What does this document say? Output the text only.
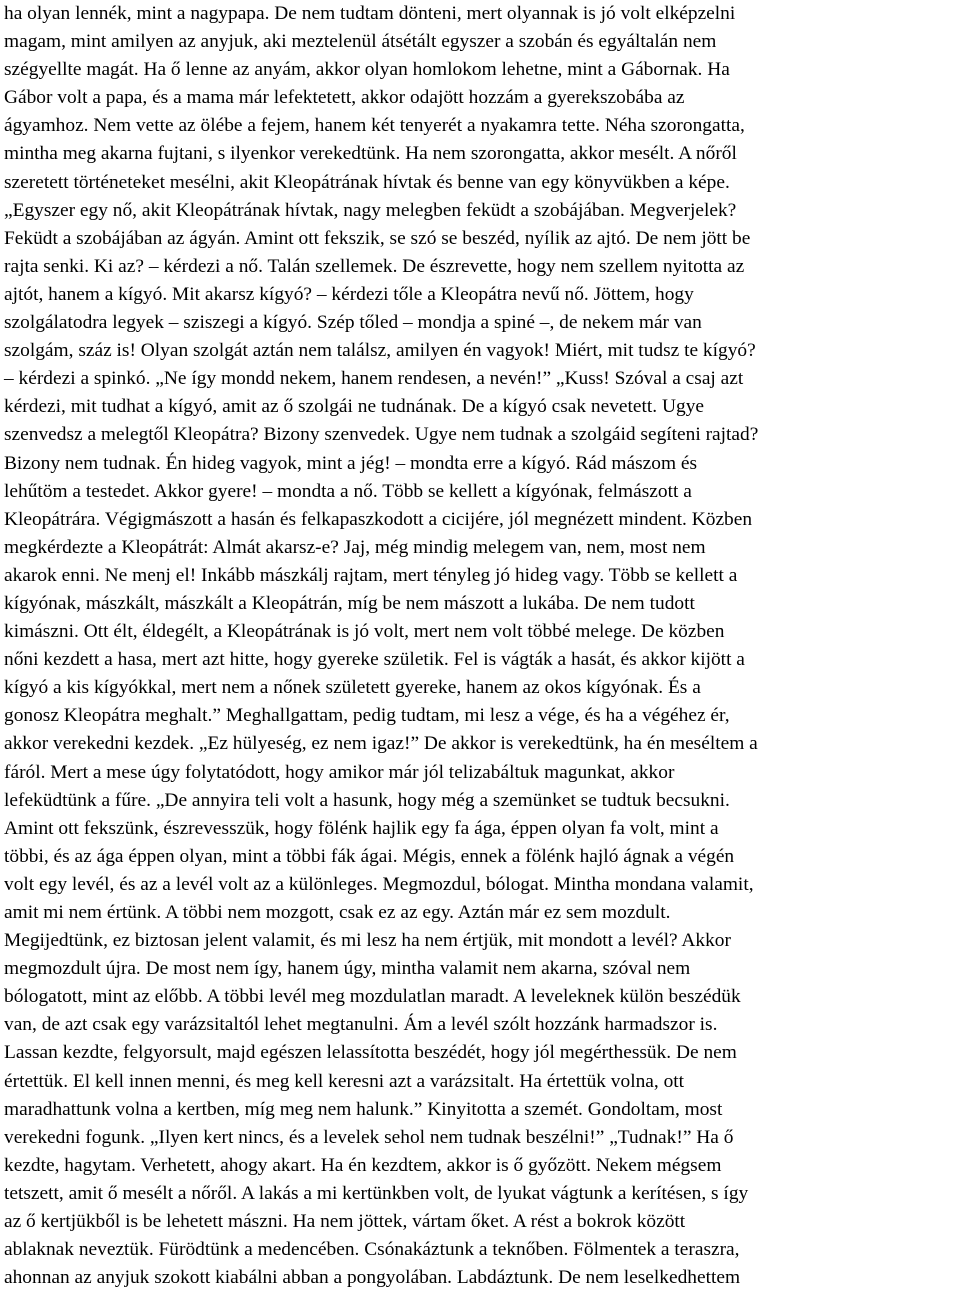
ha olyan lennék, mint a nagypapa. De nem tudtam dönteni, mert olyannak is jó volt elképzelni
magam, mint amilyen az anyjuk, aki meztelenül átsétált egyszer a szobán és egyáltalán nem
szégyellte magát. Ha ő lenne az anyám, akkor olyan homlokom lehetne, mint a Gábornak. Ha
Gábor volt a papa, és a mama már lefektetett, akkor odajött hozzám a gyerekszobába az
ágyamhoz. Nem vette az ölébe a fejem, hanem két tenyerét a nyakamra tette. Néha szorongatta,
mintha meg akarna fujtani, s ilyenkor verekedtünk. Ha nem szorongatta, akkor mesélt. A nőről
szeretett történeteket mesélni, akit Kleopátrának hívtak és benne van egy könyvükben a képe.
„Egyszer egy nő, akit Kleopátrának hívtak, nagy melegben feküdt a szobájában. Megverjelek?
Feküdt a szobájában az ágyán. Amint ott fekszik, se szó se beszéd, nyílik az ajtó. De nem jött be
rajta senki. Ki az? – kérdezi a nő. Talán szellemek. De észrevette, hogy nem szellem nyitotta az
ajtót, hanem a kígyó. Mit akarsz kígyó? – kérdezi tőle a Kleopátra nevű nő. Jöttem, hogy
szolgálatodra legyek – sziszegi a kígyó. Szép tőled – mondja a spiné –, de nekem már van
szolgám, száz is! Olyan szolgát aztán nem találsz, amilyen én vagyok! Miért, mit tudsz te kígyó?
– kérdezi a spinkó. „Ne így mondd nekem, hanem rendesen, a nevén!” „Kuss! Szóval a csaj azt
kérdezi, mit tudhat a kígyó, amit az ő szolgái ne tudnának. De a kígyó csak nevetett. Ugye
szenvedsz a melegtől Kleopátra? Bizony szenvedek. Ugye nem tudnak a szolgáid segíteni rajtad?
Bizony nem tudnak. Én hideg vagyok, mint a jég! – mondta erre a kígyó. Rád mászom és
lehűtöm a testedet. Akkor gyere! – mondta a nő. Több se kellett a kígyónak, felmászott a
Kleopátrára. Végigmászott a hasán és felkapaszkodott a cicijére, jól megnézett mindent. Közben
megkérdezte a Kleopátrát: Almát akarsz-e? Jaj, még mindig melegem van, nem, most nem
akarok enni. Ne menj el! Inkább mászkálj rajtam, mert tényleg jó hideg vagy. Több se kellett a
kígyónak, mászkált, mászkált a Kleopátrán, míg be nem mászott a lukába. De nem tudott
kimászni. Ott élt, éldegélt, a Kleopátrának is jó volt, mert nem volt többé melege. De közben
nőni kezdett a hasa, mert azt hitte, hogy gyereke születik. Fel is vágták a hasát, és akkor kijött a
kígyó a kis kígyókkal, mert nem a nőnek született gyereke, hanem az okos kígyónak. És a
gonosz Kleopátra meghalt.” Meghallgattam, pedig tudtam, mi lesz a vége, és ha a végéhez ér,
akkor verekedni kezdek. „Ez hülyeség, ez nem igaz!” De akkor is verekedtünk, ha én meséltem a
fáról. Mert a mese úgy folytatódott, hogy amikor már jól telizabáltuk magunkat, akkor
lefeküdtünk a fűre. „De annyira teli volt a hasunk, hogy még a szemünket se tudtuk becsukni.
Amint ott fekszünk, észrevesszük, hogy fölénk hajlik egy fa ága, éppen olyan fa volt, mint a
többi, és az ága éppen olyan, mint a többi fák ágai. Mégis, ennek a fölénk hajló ágnak a végén
volt egy levél, és az a levél volt az a különleges. Megmozdul, bólogat. Mintha mondana valamit,
amit mi nem értünk. A többi nem mozgott, csak ez az egy. Aztán már ez sem mozdult.
Megijedtünk, ez biztosan jelent valamit, és mi lesz ha nem értjük, mit mondott a levél? Akkor
megmozdult újra. De most nem így, hanem úgy, mintha valamit nem akarna, szóval nem
bólogatott, mint az előbb. A többi levél meg mozdulatlan maradt. A leveleknek külön beszédük
van, de azt csak egy varázsitaltól lehet megtanulni. Ám a levél szólt hozzánk harmadszor is.
Lassan kezdte, felgyorsult, majd egészen lelassította beszédét, hogy jól megérthessük. De nem
értettük. El kell innen menni, és meg kell keresni azt a varázsitalt. Ha értettük volna, ott
maradhattunk volna a kertben, míg meg nem halunk.” Kinyitotta a szemét. Gondoltam, most
verekedni fogunk. „Ilyen kert nincs, és a levelek sehol nem tudnak beszélni!” „Tudnak!” Ha ő
kezdte, hagytam. Verhetett, ahogy akart. Ha én kezdtem, akkor is ő győzött. Nekem mégsem
tetszett, amit ő mesélt a nőről. A lakás a mi kertünkben volt, de lyukat vágtunk a kerítésen, s így
az ő kertjükből is be lehetett mászni. Ha nem jöttek, vártam őket. A rést a bokrok között
ablaknak neveztük. Fürödtünk a medencében. Csónakáztunk a teknőben. Fölmentek a teraszra,
ahonnan az anyjuk szokott kiabálni abban a pongyolában. Labdáztunk. De nem leselkedhettem
